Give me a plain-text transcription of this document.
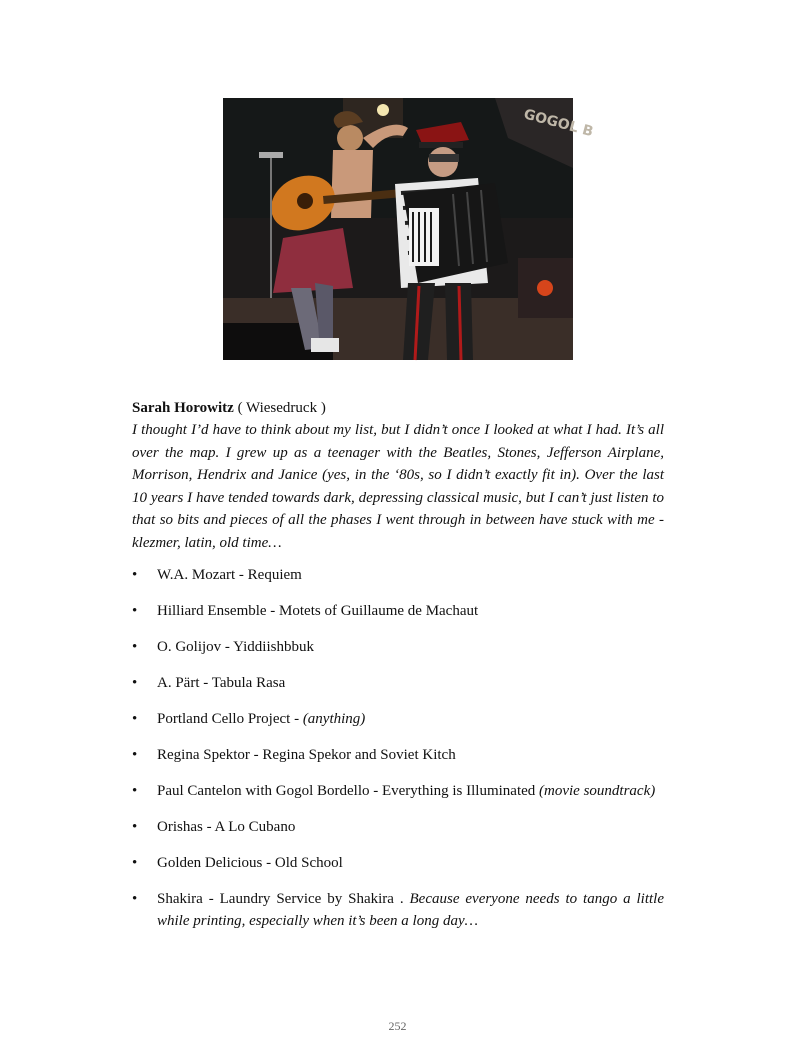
GOGOL B

Sarah Horowitz ( Wiesedruck )

I thought I’d have to think about my list, but I didn’t once I looked at what I had. It’s all over the map. I grew up as a teenager with the Beatles, Stones, Jefferson Airplane, Morrison, Hendrix and Janice (yes, in the ‘80s, so I didn’t exactly fit in). Over the last 10 years I have tended towards dark, depressing classical music, but I can’t just listen to that so bits and pieces of all the phases I went through in between have stuck with me - klezmer, latin, old time…

• W.A. Mozart - Requiem
• Hilliard Ensemble - Motets of Guillaume de Machaut
• O. Golijov - Yiddiishbbuk
• A. Pärt - Tabula Rasa
• Portland Cello Project - (anything)
• Regina Spektor - Regina Spekor and Soviet Kitch
• Paul Cantelon with Gogol Bordello - Everything is Illuminated (movie soundtrack)
• Orishas - A Lo Cubano
• Golden Delicious - Old School
• Shakira - Laundry Service by Shakira . Because everyone needs to tango a little while printing, especially when it’s been a long day…
252
